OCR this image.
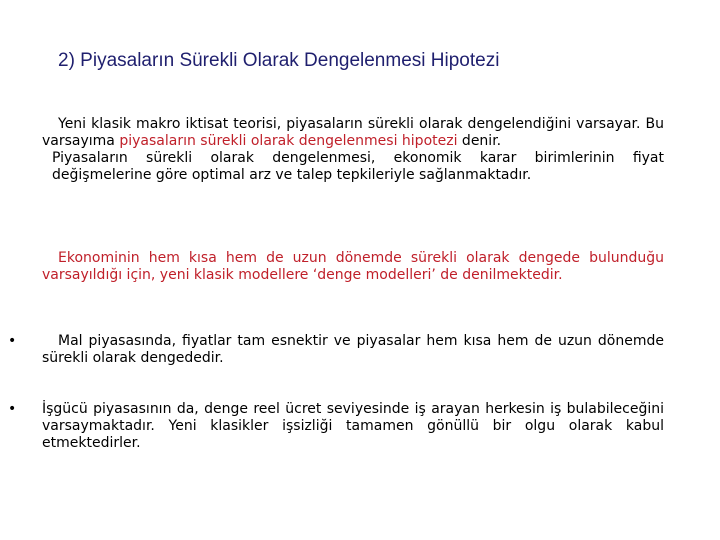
2) Piyasaların Sürekli Olarak Dengelenmesi Hipotezi
Yeni klasik makro iktisat teorisi, piyasaların sürekli olarak dengelendiğini varsayar. Bu varsayıma piyasaların sürekli olarak dengelenmesi hipotezi denir.
Piyasaların sürekli olarak dengelenmesi, ekonomik karar birimlerinin fiyat değişmelerine göre optimal arz ve talep tepkileriyle sağlanmaktadır.
Ekonominin hem kısa hem de uzun dönemde sürekli olarak dengede bulunduğu varsayıldığı için, yeni klasik modellere ‘denge modelleri’ de denilmektedir.
•	Mal piyasasında, fiyatlar tam esnektir ve piyasalar hem kısa hem de uzun dönemde sürekli olarak dengededir.
• İşgücü piyasasının da, denge reel ücret seviyesinde iş arayan herkesin iş bulabileceğini varsaymaktadır. Yeni klasikler işsizliği tamamen gönüllü bir olgu olarak kabul etmektedirler.
